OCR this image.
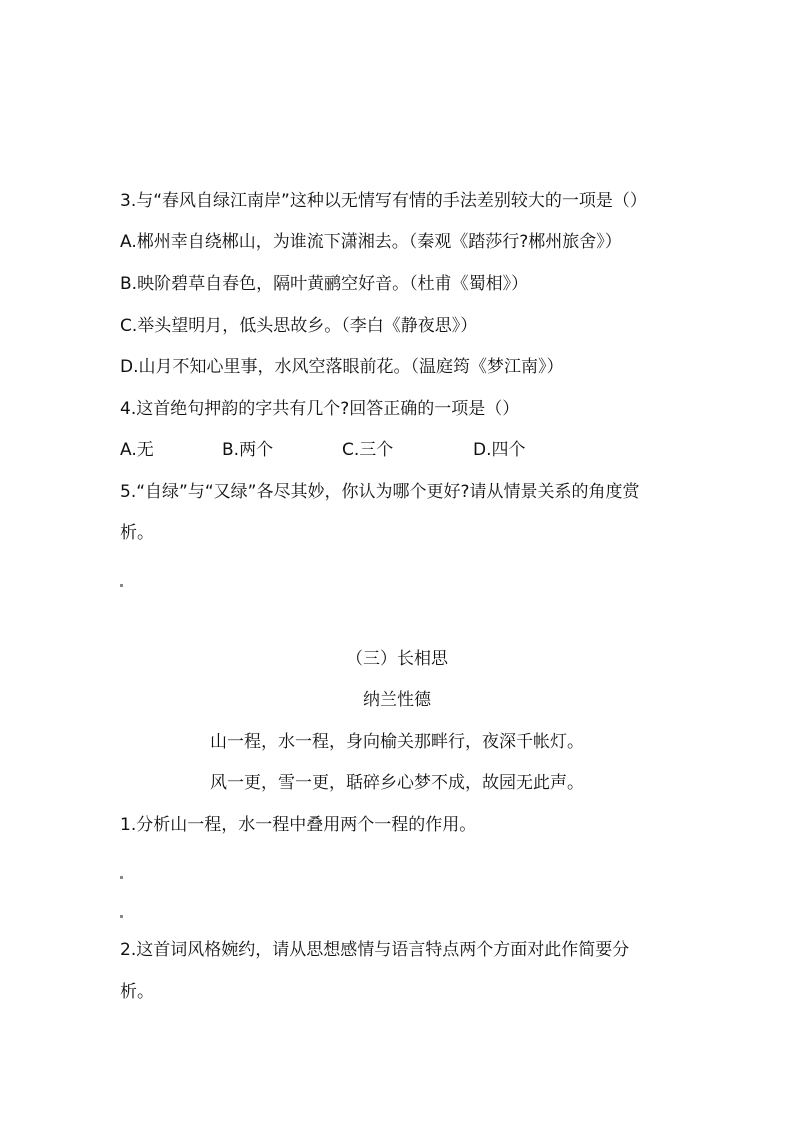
3.与“春风自绿江南岸”这种以无情写有情的手法差别较大的一项是（）
A.郴州幸自绕郴山，为谁流下潇湘去。（秦观《踏莎行?郴州旅舍》）
B.映阶碧草自春色，隔叶黄鹂空好音。（杜甫《蜀相》）
C.举头望明月，低头思故乡。（李白《静夜思》）
D.山月不知心里事，水风空落眼前花。（温庭筠《梦江南》）
4.这首绝句押韵的字共有几个?回答正确的一项是（）
A.无	B.两个	C.三个	D.四个
5.“自绿”与“又绿”各尽其妙，你认为哪个更好?请从情景关系的角度赏
析。
（三）长相思
纳兰性德
山一程，水一程，身向榆关那畔行，夜深千帐灯。
风一更，雪一更，聒碎乡心梦不成，故园无此声。
1.分析山一程，水一程中叠用两个一程的作用。
2.这首词风格婉约，请从思想感情与语言特点两个方面对此作简要分
析。
